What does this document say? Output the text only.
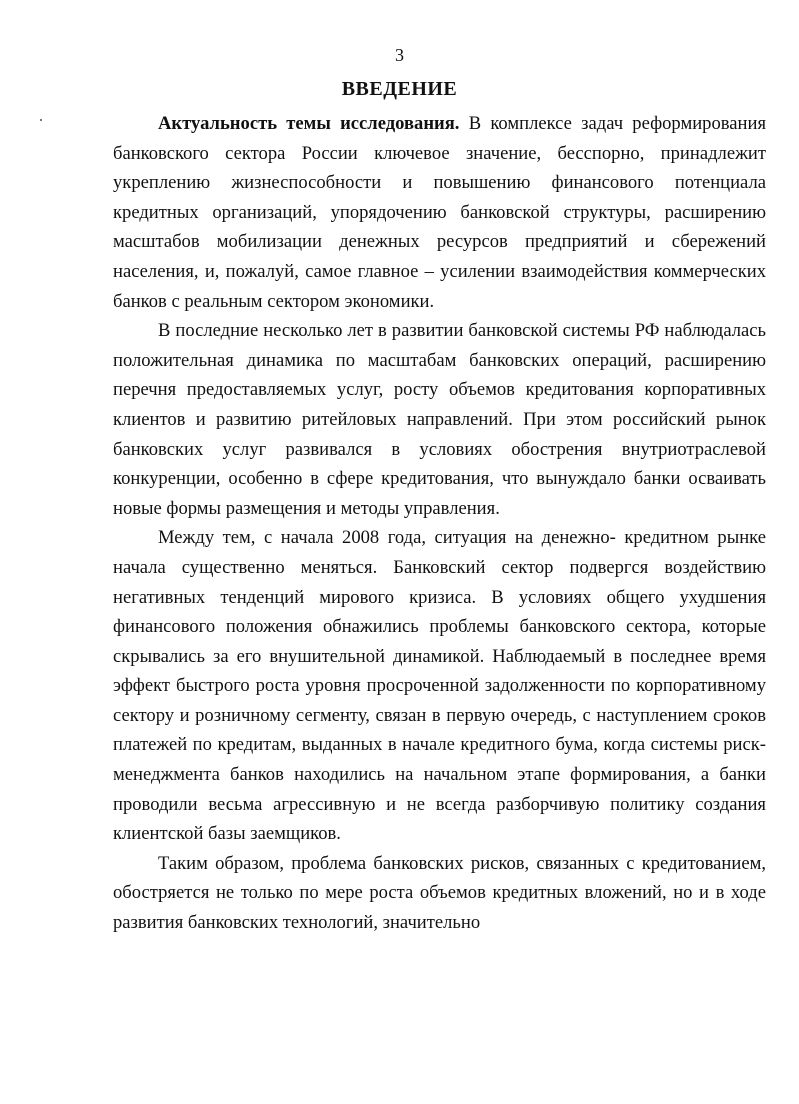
3
ВВЕДЕНИЕ

Актуальность темы исследования. В комплексе задач реформирования банковского сектора России ключевое значение, бесспорно, принадлежит укреплению жизнеспособности и повышению финансового потенциала кредитных организаций, упорядочению банковской структуры, расширению масштабов мобилизации денежных ресурсов предприятий и сбережений населения, и, пожалуй, самое главное – усилении взаимодействия коммерческих банков с реальным сектором экономики.

В последние несколько лет в развитии банковской системы РФ наблюдалась положительная динамика по масштабам банковских операций, расширению перечня предоставляемых услуг, росту объемов кредитования корпоративных клиентов и развитию ритейловых направлений. При этом российский рынок банковских услуг развивался в условиях обострения внутриотраслевой конкуренции, особенно в сфере кредитования, что вынуждало банки осваивать новые формы размещения и методы управления.

Между тем, с начала 2008 года, ситуация на денежно- кредитном рынке начала существенно меняться. Банковский сектор подвергся воздействию негативных тенденций мирового кризиса. В условиях общего ухудшения финансового положения обнажились проблемы банковского сектора, которые скрывались за его внушительной динамикой. Наблюдаемый в последнее время эффект быстрого роста уровня просроченной задолженности по корпоративному сектору и розничному сегменту, связан в первую очередь, с наступлением сроков платежей по кредитам, выданных в начале кредитного бума, когда системы риск-менеджмента банков находились на начальном этапе формирования, а банки проводили весьма агрессивную и не всегда разборчивую политику создания клиентской базы заемщиков.

Таким образом, проблема банковских рисков, связанных с кредитованием, обостряется не только по мере роста объемов кредитных вложений, но и в ходе развития банковских технологий, значительно
